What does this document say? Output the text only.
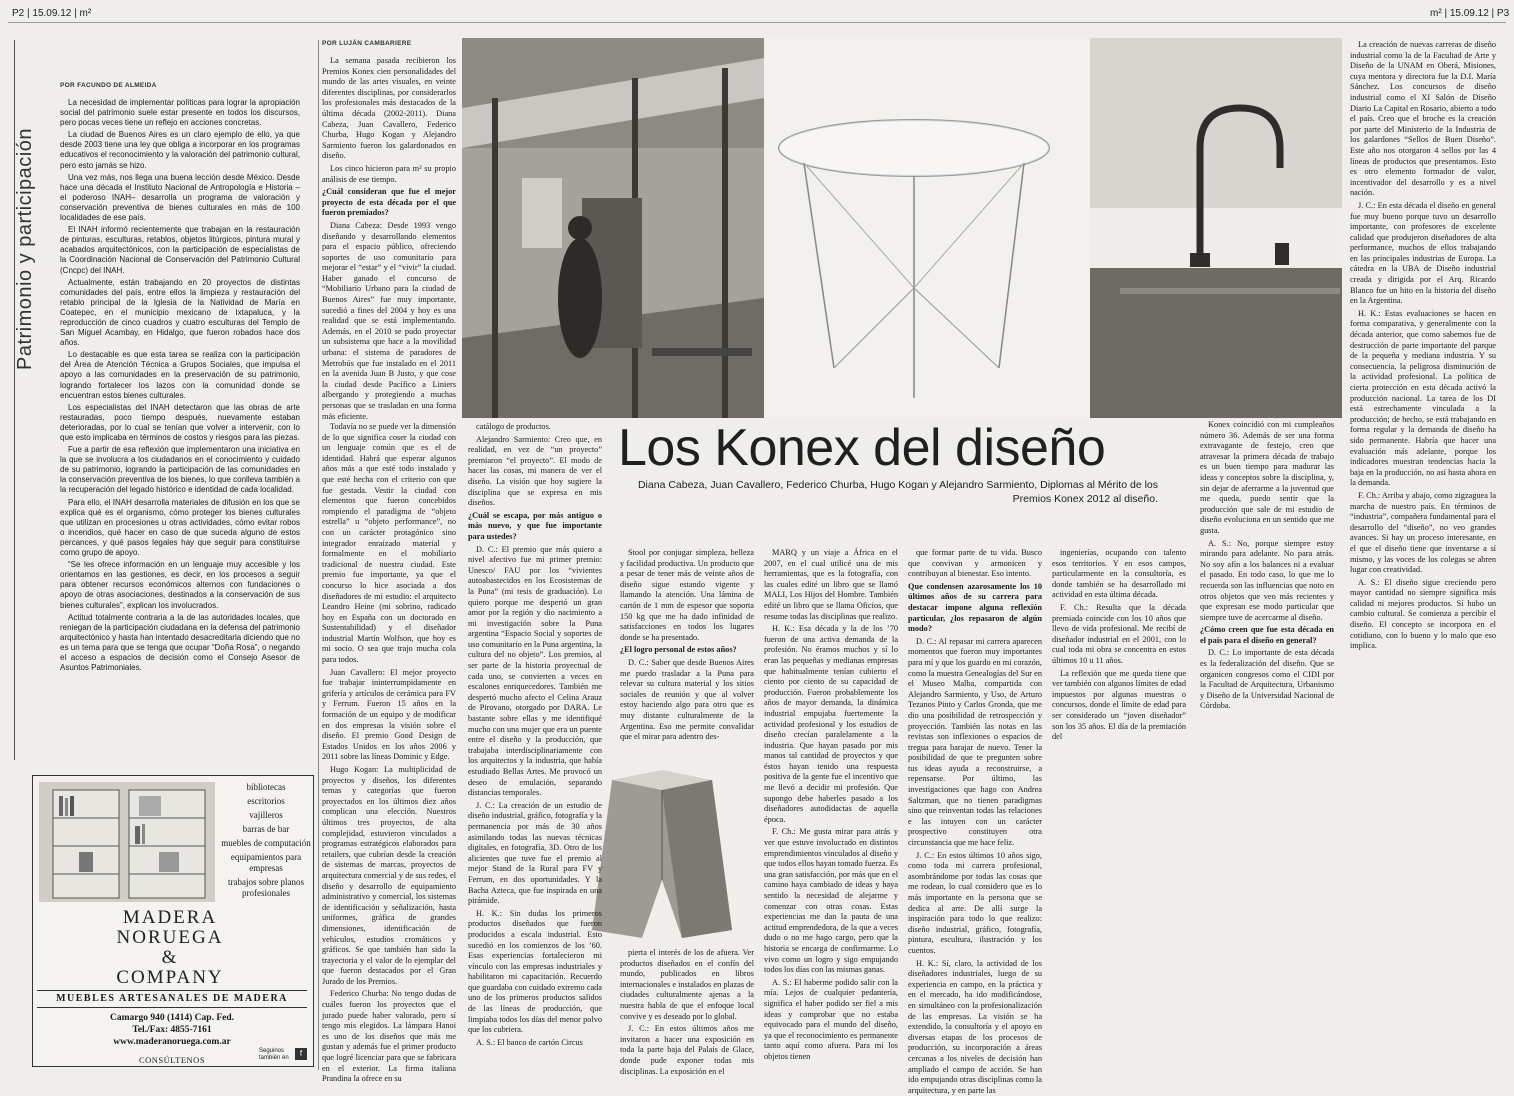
P2 | 15.09.12 | m²	m² | 15.09.12 | P3
Patrimonio y participación
POR FACUNDO DE ALMEIDA

La necesidad de implementar políticas para lograr la apropiación social del patrimonio suele estar presente en todos los discursos, pero pocas veces tiene un reflejo en acciones concretas.

La ciudad de Buenos Aires es un claro ejemplo de ello, ya que desde 2003 tiene una ley que obliga a incorporar en los programas educativos el reconocimiento y la valoración del patrimonio cultural, pero esto jamás se hizo.

Una vez más, nos llega una buena lección desde México. Desde hace una década el Instituto Nacional de Antropología e Historia –el poderoso INAH– desarrolla un programa de valoración y conservación preventiva de bienes culturales en más de 100 localidades de ese país.

El INAH informó recientemente que trabajan en la restauración de pinturas, esculturas, retablos, objetos litúrgicos, pintura mural y acabados arquitectónicos, con la participación de especialistas de la Coordinación Nacional de Conservación del Patrimonio Cultural (Cncpc) del INAH.

Actualmente, están trabajando en 20 proyectos de distintas comunidades del país, entre ellos la limpieza y restauración del retablo principal de la Iglesia de la Natividad de María en Coatepec, en el municipio mexicano de Ixtapaluca, y la reproducción de cinco cuadros y cuatro esculturas del Templo de San Miguel Acambay, en Hidalgo, que fueron robados hace dos años.

Lo destacable es que esta tarea se realiza con la participación del Área de Atención Técnica a Grupos Sociales, que impulsa el apoyo a las comunidades en la preservación de su patrimonio, logrando fortalecer los lazos con la comunidad donde se encuentran estos bienes culturales.

Los especialistas del INAH detectaron que las obras de arte restauradas, poco tiempo después, nuevamente estaban deterioradas, por lo cual se tenían que volver a intervenir, con lo que esto implicaba en términos de costos y riesgos para las piezas.

Fue a partir de esa reflexión que implementaron una iniciativa en la que se involucra a los ciudadanos en el conocimiento y cuidado de su patrimonio, logrando la participación de las comunidades en la conservación preventiva de los bienes, lo que conlleva también a la recuperación del legado histórico e identidad de cada localidad.

Para ello, el INAH desarrolla materiales de difusión en los que se explica qué es el organismo, cómo proteger los bienes culturales que utilizan en procesiones u otras actividades, cómo evitar robos o incendios, qué hacer en caso de que suceda alguno de estos percances, y qué pasos legales hay que seguir para constituirse como grupo de apoyo.

“Se les ofrece información en un lenguaje muy accesible y los orientamos en las gestiones, es decir, en los procesos a seguir para obtener recursos económicos alternos con fundaciones o apoyo de otras asociaciones, destinados a la conservación de sus bienes culturales”, explican los involucrados.

Actitud totalmente contraria a la de las autoridades locales, que reniegan de la participación ciudadana en la defensa del patrimonio arquitectónico y hasta han intentado desacreditarla diciendo que no es un tema para que se tenga que ocupar “Doña Rosa”, o negando el acceso a espacios de decisión como el Consejo Asesor de Asuntos Patrimoniales.

bibliotecas
escritorios
vajilleros
barras de bar
muebles de computación
equipamientos para empresas
trabajos sobre planos profesionales
MADERA
NORUEGA
&
COMPANY
MUEBLES ARTESANALES DE MADERA
Camargo 940 (1414) Cap. Fed.
Tel./Fax: 4855-7161
www.maderanoruega.com.ar
CONSÚLTENOS
Seguinos también en	f
POR LUJÁN CAMBARIERE
Los Konex del diseño
Diana Cabeza, Juan Cavallero, Federico Churba, Hugo Kogan y Alejandro Sarmiento, Diplomas al Mérito de los Premios Konex 2012 al diseño.

La semana pasada recibieron los Premios Konex cien personalidades del mundo de las artes visuales, en veinte diferentes disciplinas, por considerarlos los profesionales más destacados de la última década (2002-2011). Diana Cabeza, Juan Cavallero, Federico Churba, Hugo Kogan y Alejandro Sarmiento fueron los galardonados en diseño.

Los cinco hicieron para m² su propio análisis de ese tiempo.

¿Cuál consideran que fue el mejor proyecto de esta década por el que fueron premiados?

Diana Cabeza: Desde 1993 vengo diseñando y desarrollando elementos para el espacio público, ofreciendo soportes de uso comunitario para mejorar el “estar” y el “vivir” la ciudad. Haber ganado el concurso de “Mobiliario Urbano para la ciudad de Buenos Aires” fue muy importante, sucedió a fines del 2004 y hoy es una realidad que se está implementando. Además, en el 2010 se pudo proyectar un subsistema que hace a la movilidad urbana: el sistema de paradores de Metrobús que fue instalado en el 2011 en la avenida Juan B Justo, y que cose la ciudad desde Pacífico a Liniers albergando y protegiendo a muchas personas que se trasladan en una forma más eficiente.

Todavía no se puede ver la dimensión de lo que significa coser la ciudad con un lenguaje común que es el de identidad. Habrá que esperar algunos años más a que esté todo instalado y que esté hecha con el criterio con que fue gestada. Vestir la ciudad con elementos que fueron concebidos rompiendo el paradigma de “objeto estrella” u “objeto performance”, no con un carácter protagónico sino integrador enraizado material y formalmente en el mobiliario tradicional de nuestra ciudad. Este premio fue importante, ya que el concurso lo hice asociada a dos diseñadores de mi estudio: el arquitecto Leandro Heine (mi sobrino, radicado hoy en España con un doctorado en Sustentabilidad) y el diseñador industrial Martín Wolfson, que hoy es mi socio. O sea que trajo mucha cola para todos.

Juan Cavallero: El mejor proyecto fue trabajar ininterrumpidamente en grifería y artículos de cerámica para FV y Ferrum. Fueron 15 años en la formación de un equipo y de modificar en dos empresas la visión sobre el diseño. El premio Good Design de Estados Unidos en los años 2006 y 2011 sobre las líneas Dominic y Edge.

Hugo Kogan: La multiplicidad de proyectos y diseños, los diferentes temas y categorías que fueron proyectados en los últimos diez años complican una elección. Nuestros últimos tres proyectos, de alta complejidad, estuvieron vinculados a programas estratégicos elaborados para retailers, que cubrían desde la creación de sistemas de marcas, proyectos de arquitectura comercial y de sus redes, el diseño y desarrollo de equipamiento administrativo y comercial, los sistemas de identificación y señalización, hasta uniformes, gráfica de grandes dimensiones, identificación de vehículos, estudios cromáticos y gráficos. Se que también han sido la trayectoria y el valor de lo ejemplar del que fueron destacados por el Gran Jurado de los Premios.

Federico Churba: No tengo dudas de cuáles fueron los proyectos que el jurado puede haber valorado, pero sí tengo mis elegidos. La lámpara Hanoi es uno de los diseños que más me gustan y además fue el primer producto que logré licenciar para que se fabricara en el exterior. La firma italiana Prandina la ofrece en su

catálogo de productos.

Alejandro Sarmiento: Creo que, en realidad, en vez de “un proyecto” premiaron “el proyecto”. El modo de hacer las cosas, mi manera de ver el diseño. La visión que hoy sugiere la disciplina que se expresa en mis diseños.

¿Cuál se escapa, por más antiguo o más nuevo, y que fue importante para ustedes?

D. C.: El premio que más quiero a nivel afectivo fue mi primer premio: Unesco/ FAU por los “vivientes autoabastecidos en los Ecosistemas de la Puna” (mi tesis de graduación). Lo quiero porque me despertó un gran amor por la región y dio nacimiento a mi investigación sobre la Puna argentina “Espacio Social y soportes de uso comunitario en la Puna argentina, la cultura del no objeto”. Los premios, al ser parte de la historia proyectual de cada uno, se convierten a veces en escalones enriquecedores. También me despertó mucho afecto el Celina Arauz de Pirovano, otorgado por DARA. Le bastante sobre ellas y me identifiqué mucho con una mujer que era un puente entre el diseño y la producción, que trabajaba interdisciplinariamente con los arquitectos y la industria, que había estudiado Bellas Artes. Me provocó un deseo de emulación, separando distancias temporales.

J. C.: La creación de un estudio de diseño industrial, gráfico, fotografía y la permanencia por más de 30 años asimilando todas las nuevas técnicas digitales, en fotografía, 3D. Otro de los alicientes que tuve fue el premio al mejor Stand de la Rural para FV y Ferrum, en dos oportunidades. Y la Bacha Azteca, que fue inspirada en una pirámide.

H. K.: Sin dudas los primeros productos diseñados que fueron producidos a escala industrial. Esto sucedió en los comienzos de los ’60. Esas experiencias fortalecieron mi vínculo con las empresas industriales y habilitaron mi capacitación. Recuerdo que guardaba con cuidado extremo cada uno de los primeros productos salidos de las líneas de producción, que limpiaba todos los días del menor polvo que los cubriera.

A. S.: El banco de cartón Circus

Stool por conjugar simpleza, belleza y facilidad productiva. Un producto que a pesar de tener más de veinte años de diseño sigue estando vigente y llamando la atención. Una lámina de cartón de 1 mm de espesor que soporta 150 kg que me ha dado infinidad de satisfacciones en todos los lugares donde se ha presentado.

¿El logro personal de estos años?

D. C.: Saber que desde Buenos Aires me puedo trasladar a la Puna para relevar su cultura material y los sitios sociales de reunión y que al volver estoy haciendo algo para otro que es muy distante culturalmente de la Argentina. Eso me permite convalidar que el mirar para adentro des-

pierta el interés de los de afuera. Ver productos diseñados en el confín del mundo, publicados en libros internacionales e instalados en plazas de ciudades culturalmente ajenas a la nuestra habla de que el enfoque local convive y es deseado por lo global.

J. C.: En estos últimos años me invitaron a hacer una exposición en toda la parte baja del Palais de Glace, donde pude exponer todas mis disciplinas. La exposición en el

MARQ y un viaje a África en el 2007, en el cual utilicé una de mis herramientas, que es la fotografía, con las cuales edité un libro que se llamó MALI, Los Hijos del Hombre. También edité un libro que se llama Oficios, que resume todas las disciplinas que realizo.

H. K.: Esa década y la de los ’70 fueron de una activa demanda de la profesión. No éramos muchos y sí lo eran las pequeñas y medianas empresas que habitualmente tenían cubierto el ciento por ciento de su capacidad de producción. Fueron probablemente los años de mayor demanda, la dinámica industrial empujaba fuertemente la actividad profesional y los estudios de diseño crecían paralelamente a la industria. Que hayan pasado por mis manos tal cantidad de proyectos y que éstos hayan tenido una respuesta positiva de la gente fue el incentivo que me llevó a decidir mi profesión. Que supongo debe haberles pasado a los diseñadores autodidactas de aquella época.

F. Ch.: Me gusta mirar para atrás y ver que estuve involucrado en distintos emprendimientos vinculados al diseño y que todos ellos hayan tomado fuerza. Es una gran satisfacción, por más que en el camino haya cambiado de ideas y haya sentido la necesidad de alejarme y comenzar con otras cosas. Estas experiencias me dan la pauta de una actitud emprendedora, de la que a veces dudo o no me hago cargo, pero que la historia se encarga de confirmarme. Lo vivo como un logro y sigo empujando todos los días con las mismas ganas.

A. S.: El haberme podido salir con la mía. Lejos de cualquier pedantería, significa el haber podido ser fiel a mis ideas y comprobar que no estaba equivocado para el mundo del diseño, ya que el reconocimiento es permanente tanto aquí como afuera. Para mí los objetos tienen

que formar parte de tu vida. Busco que convivan y armonicen y contribuyan al bienestar. Eso intento.

Que condensen azarosamente los 10 últimos años de su carrera para destacar impone alguna reflexión particular, ¿los repasaron de algún modo?

D. C.: Al repasar mi carrera aparecen momentos que fueron muy importantes para mí y que los guardo en mi corazón, como la muestra Genealogías del Sur en el Museo Malba, compartida con Alejandro Sarmiento, y Uso, de Arturo Tezanos Pinto y Carlos Gronda, que me dio una posibilidad de retrospección y proyección. También las notas en las revistas son inflexiones o espacios de tregua para barajar de nuevo. Tener la posibilidad de que te pregunten sobre tus ideas ayuda a reconstruirse, a repensarse. Por último, las investigaciones que hago con Andrea Saltzman, que no tienen paradigmas sino que reinventan todas las relaciones e las intuyen con un carácter prospectivo constituyen otra circunstancia que me hace feliz.

J. C.: En estos últimos 10 años sigo, como toda mi carrera profesional, asombrándome por todas las cosas que me rodean, lo cual considero que es lo más importante en la persona que se dedica al arte. De allí surge la inspiración para todo lo que realizo: diseño industrial, gráfico, fotografía, pintura, escultura, ilustración y los cuentos.

H. K.: Sí, claro, la actividad de los diseñadores industriales, luego de su experiencia en campo, en la práctica y en el mercado, ha ido modificándose, en simultáneo con la profesionalización de las empresas. La visión se ha extendido, la consultoría y el apoyo en diversas etapas de los procesos de producción, su incorporación a áreas cercanas a los niveles de decisión han ampliado el campo de acción. Se han ido empujando otras disciplinas como la arquitectura, y en parte las

ingenierías, ocupando con talento esos territorios. Y en esos campos, particularmente en la consultoría, es donde también se ha desarrollado mi actividad en esta última década.

F. Ch.: Resulta que la década premiada coincide con los 10 años que llevo de vida profesional. Me recibí de diseñador industrial en el 2001, con lo cual toda mi obra se concentra en estos últimos 10 u 11 años.

La reflexión que me queda tiene que ver también con algunos límites de edad impuestos por algunas muestras o concursos, donde el límite de edad para ser considerado un “joven diseñador” son los 35 años. El día de la premiación del

Konex coincidió con mi cumpleaños número 36. Además de ser una forma extravagante de festejo, creo que atravesar la primera década de trabajo es un buen tiempo para madurar las ideas y conceptos sobre la disciplina, y, sin dejar de aferrarme a la juventud que me queda, puedo sentir que la producción que sale de mi estudio de diseño evoluciona en un sentido que me gusta.

A. S.: No, porque siempre estoy mirando para adelante. No para atrás. No soy afín a los balances ni a evaluar el pasado. En todo caso, lo que me lo recuerda son las influencias que noto en otros objetos que veo más recientes y que expresan ese modo particular que siempre tuve de acercarme al diseño.

¿Cómo creen que fue esta década en el país para el diseño en general?

D. C.: Lo importante de esta década es la federalización del diseño. Que se organicen congresos como el CIDI por la Facultad de Arquitectura, Urbanismo y Diseño de la Universidad Nacional de Córdoba.

La creación de nuevas carreras de diseño industrial como la de la Facultad de Arte y Diseño de la UNAM en Oberá, Misiones, cuya mentora y directora fue la D.I. María Sánchez. Los concursos de diseño industrial como el XI Salón de Diseño Diario La Capital en Rosario, abierto a todo el país. Creo que el broche es la creación por parte del Ministerio de la Industria de los galardones “Sellos de Buen Diseño”. Este año nos otorgaron 4 sellos por las 4 líneas de productos que presentamos. Esto es otro elemento formador de valor, incentivador del desarrollo y es a nivel nación.

J. C.: En esta década el diseño en general fue muy bueno porque tuvo un desarrollo importante, con profesores de excelente calidad que produjeron diseñadores de alta performance, muchos de ellos trabajando en las principales industrias de Europa. La cátedra en la UBA de Diseño industrial creada y dirigida por el Arq. Ricardo Blanco fue un hito en la historia del diseño en la Argentina.

H. K.: Estas evaluaciones se hacen en forma comparativa, y generalmente con la década anterior, que como sabemos fue de destrucción de parte importante del parque de la pequeña y mediana industria. Y su consecuencia, la peligrosa disminución de la actividad profesional. La política de cierta protección en esta década activó la producción nacional. La tarea de los DI está estrechamente vinculada a la producción; de hecho, se está trabajando en forma regular y la demanda de diseño ha sido permanente. Habría que hacer una evaluación más adelante, porque los indicadores muestran tendencias hacia la baja en la producción, no así hasta ahora en la demanda.

F. Ch.: Arriba y abajo, como zigzaguea la marcha de nuestro país. En términos de “industria”, compañera fundamental para el desarrollo del “diseño”, no veo grandes avances. Si hay un proceso interesante, en el que el diseño tiene que inventarse a sí mismo, y las voces de los colegas se abren lugar con creatividad.

A. S.: El diseño sigue creciendo pero mayor cantidad no siempre significa más calidad ni mejores productos. Sí hubo un cambio cultural. Se comienza a percibir el diseño. El concepto se incorpora en el cotidiano, con lo bueno y lo malo que eso implica.
